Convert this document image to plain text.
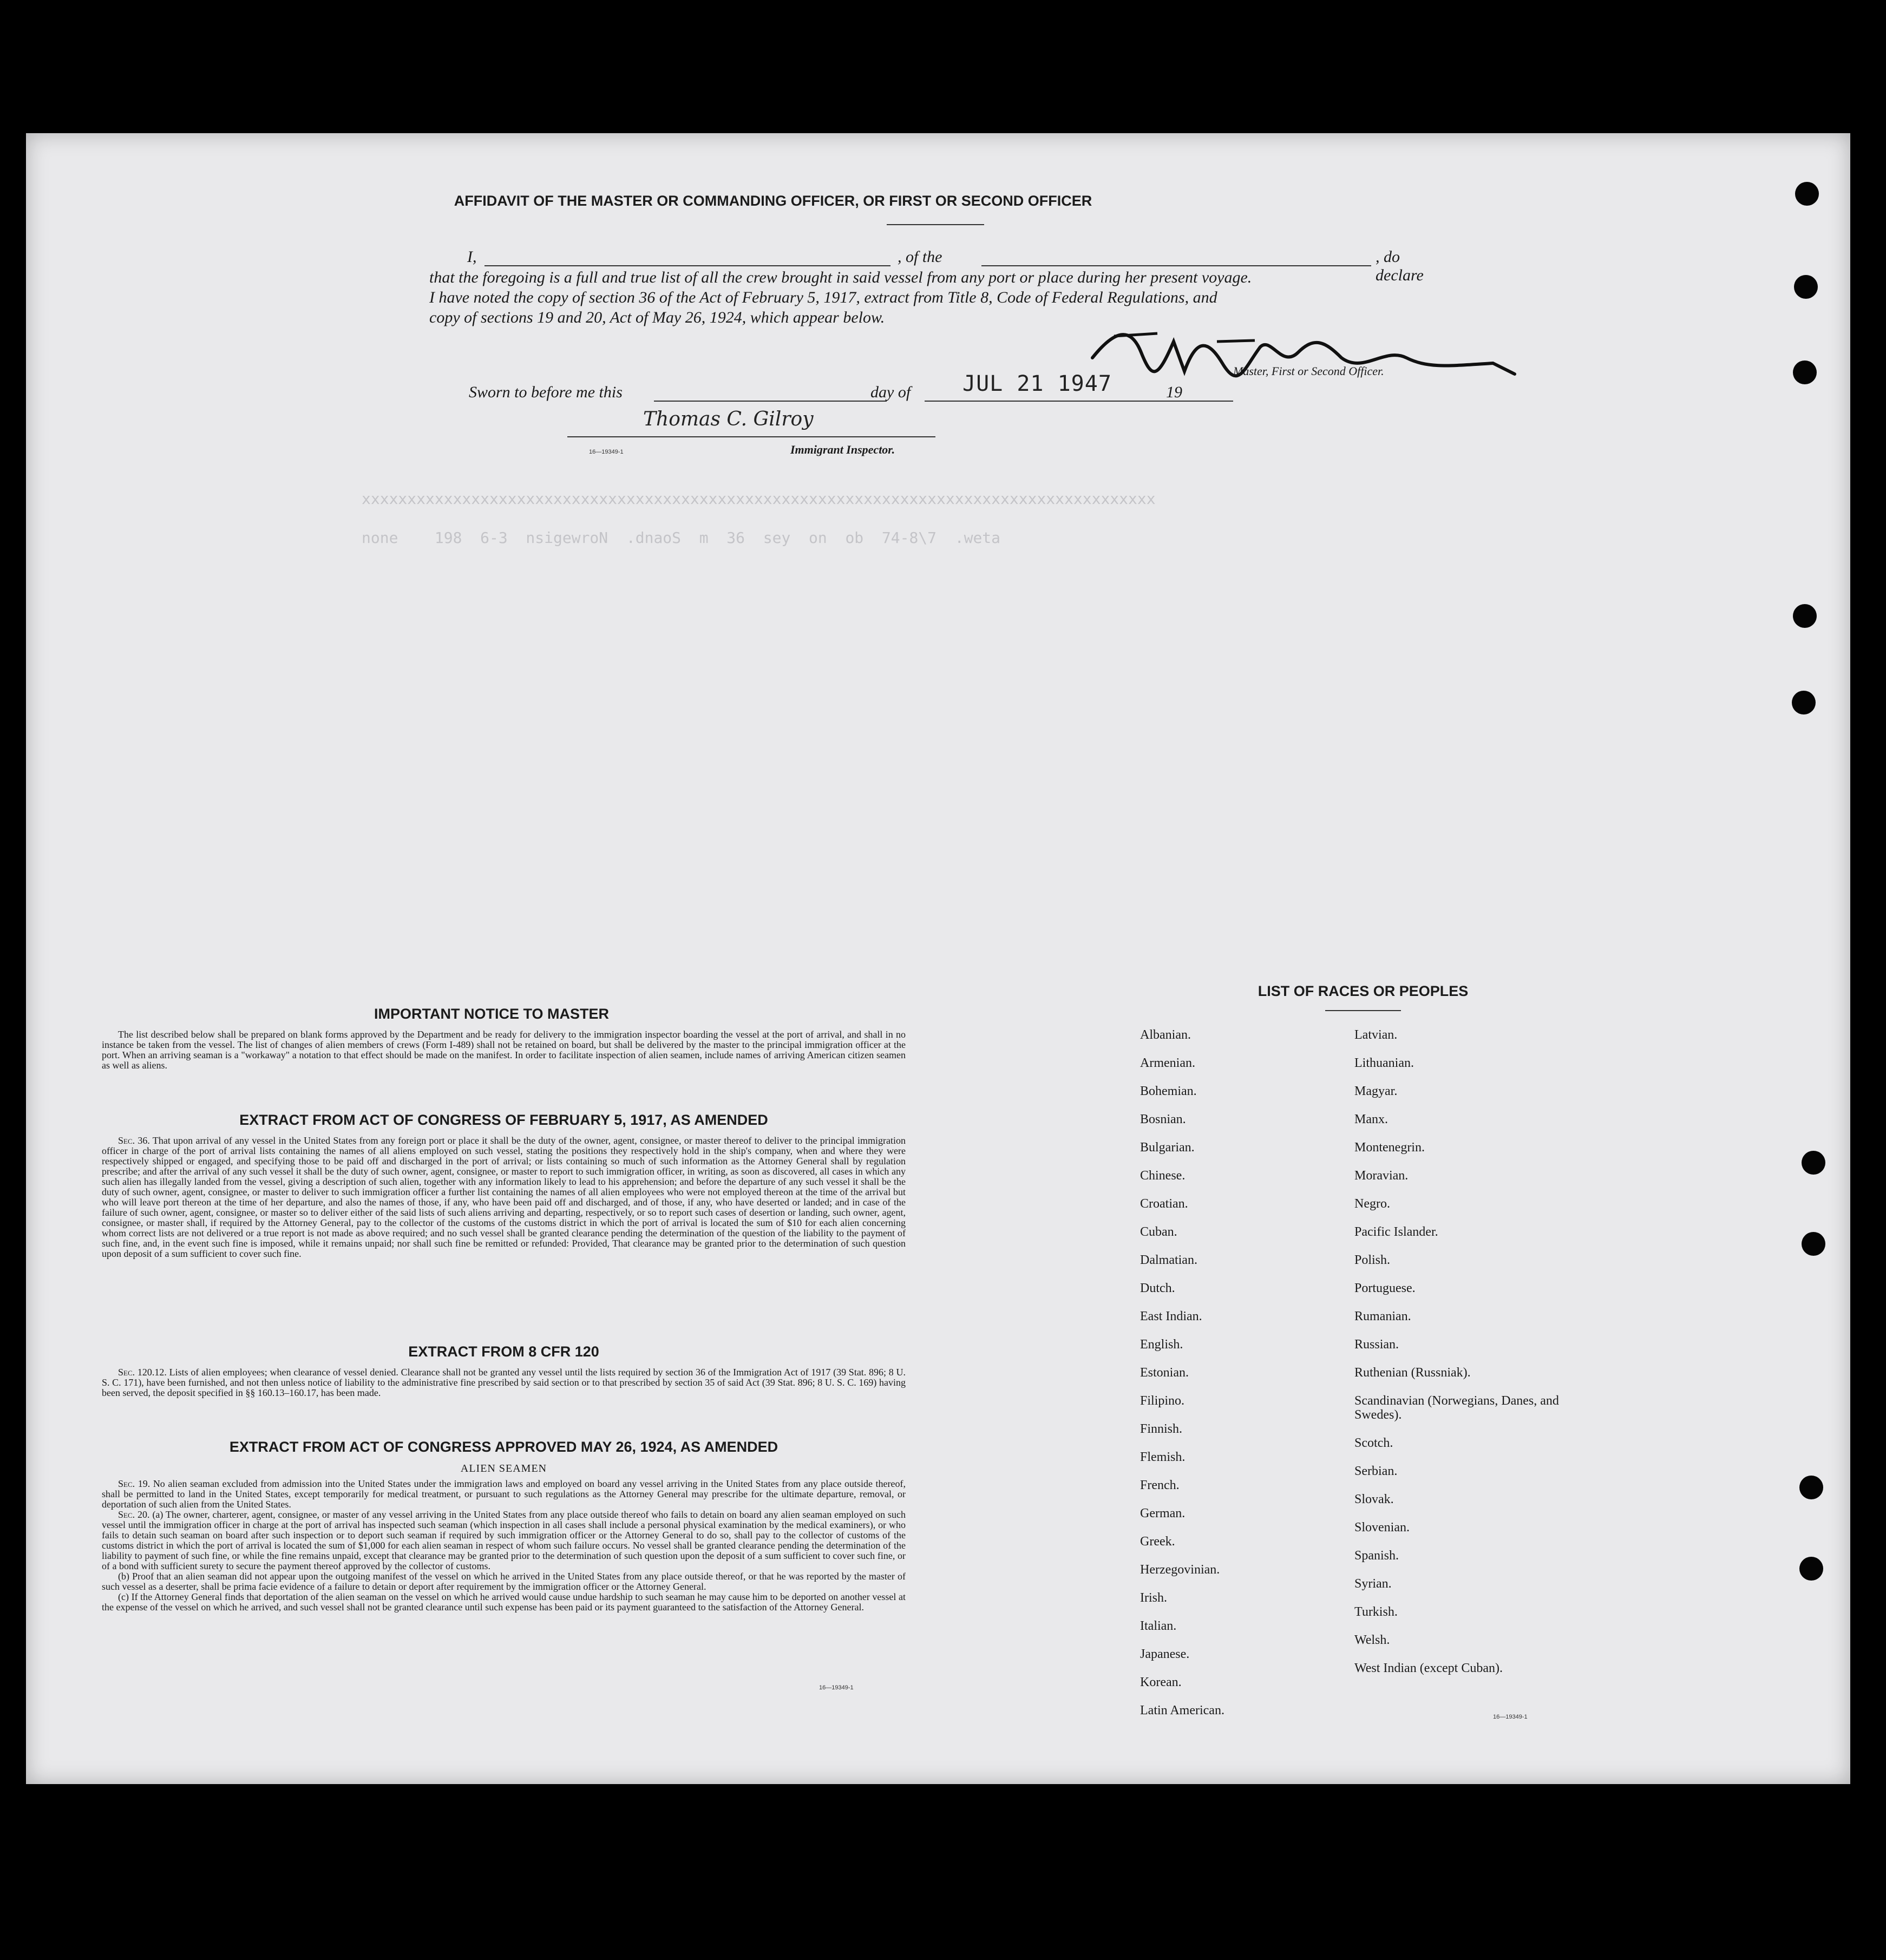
xxxxxxxxxxxxxxxxxxxxxxxxxxxxxxxxxxxxxxxxxxxxxxxxxxxxxxxxxxxxxxxxxxxxxxxxxxxxxxxxxxxxxxx
none    198  6-3  nsigewroN  .dnaoS  m  36  sey  on  ob  74-8\7  .weta
AFFIDAVIT OF THE MASTER OR COMMANDING OFFICER, OR FIRST OR SECOND OFFICER
I,	, of the	, do declare
that the foregoing is a full and true list of all the crew brought in said vessel from any port or place during her present voyage.
I have noted the copy of section 36 of the Act of February 5, 1917, extract from Title 8, Code of Federal Regulations, and
copy of sections 19 and 20, Act of May 26, 1924, which appear below.
Master, First or Second Officer.
Sworn to before me this	day of JUL 21 1947	19
Thomas C. Gilroy
16—19349-1	Immigrant Inspector.
IMPORTANT NOTICE TO MASTER

The list described below shall be prepared on blank forms approved by the Department and be ready for delivery to the immigration inspector boarding the vessel at the port of arrival, and shall in no instance be taken from the vessel. The list of changes of alien members of crews (Form I-489) shall not be retained on board, but shall be delivered by the master to the principal immigration officer at the port. When an arriving seaman is a "workaway" a notation to that effect should be made on the manifest. In order to facilitate inspection of alien seamen, include names of arriving American citizen seamen as well as aliens.

EXTRACT FROM ACT OF CONGRESS OF FEBRUARY 5, 1917, AS AMENDED

Sec. 36. That upon arrival of any vessel in the United States from any foreign port or place it shall be the duty of the owner, agent, consignee, or master thereof to deliver to the principal immigration officer in charge of the port of arrival lists containing the names of all aliens employed on such vessel, stating the positions they respectively hold in the ship's company, when and where they were respectively shipped or engaged, and specifying those to be paid off and discharged in the port of arrival; or lists containing so much of such information as the Attorney General shall by regulation prescribe; and after the arrival of any such vessel it shall be the duty of such owner, agent, consignee, or master to report to such immigration officer, in writing, as soon as discovered, all cases in which any such alien has illegally landed from the vessel, giving a description of such alien, together with any information likely to lead to his apprehension; and before the departure of any such vessel it shall be the duty of such owner, agent, consignee, or master to deliver to such immigration officer a further list containing the names of all alien employees who were not employed thereon at the time of the arrival but who will leave port thereon at the time of her departure, and also the names of those, if any, who have been paid off and discharged, and of those, if any, who have deserted or landed; and in case of the failure of such owner, agent, consignee, or master so to deliver either of the said lists of such aliens arriving and departing, respectively, or so to report such cases of desertion or landing, such owner, agent, consignee, or master shall, if required by the Attorney General, pay to the collector of the customs of the customs district in which the port of arrival is located the sum of $10 for each alien concerning whom correct lists are not delivered or a true report is not made as above required; and no such vessel shall be granted clearance pending the determination of the question of the liability to the payment of such fine, and, in the event such fine is imposed, while it remains unpaid; nor shall such fine be remitted or refunded: Provided, That clearance may be granted prior to the determination of such question upon deposit of a sum sufficient to cover such fine.

EXTRACT FROM 8 CFR 120

Sec. 120.12. Lists of alien employees; when clearance of vessel denied. Clearance shall not be granted any vessel until the lists required by section 36 of the Immigration Act of 1917 (39 Stat. 896; 8 U. S. C. 171), have been furnished, and not then unless notice of liability to the administrative fine prescribed by said section or to that prescribed by section 35 of said Act (39 Stat. 896; 8 U. S. C. 169) having been served, the deposit specified in §§ 160.13–160.17, has been made.

EXTRACT FROM ACT OF CONGRESS APPROVED MAY 26, 1924, AS AMENDED
ALIEN SEAMEN

Sec. 19. No alien seaman excluded from admission into the United States under the immigration laws and employed on board any vessel arriving in the United States from any place outside thereof, shall be permitted to land in the United States, except temporarily for medical treatment, or pursuant to such regulations as the Attorney General may prescribe for the ultimate departure, removal, or deportation of such alien from the United States.

Sec. 20. (a) The owner, charterer, agent, consignee, or master of any vessel arriving in the United States from any place outside thereof who fails to detain on board any alien seaman employed on such vessel until the immigration officer in charge at the port of arrival has inspected such seaman (which inspection in all cases shall include a personal physical examination by the medical examiners), or who fails to detain such seaman on board after such inspection or to deport such seaman if required by such immigration officer or the Attorney General to do so, shall pay to the collector of customs of the customs district in which the port of arrival is located the sum of $1,000 for each alien seaman in respect of whom such failure occurs. No vessel shall be granted clearance pending the determination of the liability to payment of such fine, or while the fine remains unpaid, except that clearance may be granted prior to the determination of such question upon the deposit of a sum sufficient to cover such fine, or of a bond with sufficient surety to secure the payment thereof approved by the collector of customs.

(b) Proof that an alien seaman did not appear upon the outgoing manifest of the vessel on which he arrived in the United States from any place outside thereof, or that he was reported by the master of such vessel as a deserter, shall be prima facie evidence of a failure to detain or deport after requirement by the immigration officer or the Attorney General.

(c) If the Attorney General finds that deportation of the alien seaman on the vessel on which he arrived would cause undue hardship to such seaman he may cause him to be deported on another vessel at the expense of the vessel on which he arrived, and such vessel shall not be granted clearance until such expense has been paid or its payment guaranteed to the satisfaction of the Attorney General.

16—19349-1
LIST OF RACES OR PEOPLES
Albanian.
Armenian.
Bohemian.
Bosnian.
Bulgarian.
Chinese.
Croatian.
Cuban.
Dalmatian.
Dutch.
East Indian.
English.
Estonian.
Filipino.
Finnish.
Flemish.
French.
German.
Greek.
Herzegovinian.
Irish.
Italian.
Japanese.
Korean.
Latin American.
Latvian.
Lithuanian.
Magyar.
Manx.
Montenegrin.
Moravian.
Negro.
Pacific Islander.
Polish.
Portuguese.
Rumanian.
Russian.
Ruthenian (Russniak).
Scandinavian (Norwegians, Danes, and Swedes).
Scotch.
Serbian.
Slovak.
Slovenian.
Spanish.
Syrian.
Turkish.
Welsh.
West Indian (except Cuban).
16—19349-1
